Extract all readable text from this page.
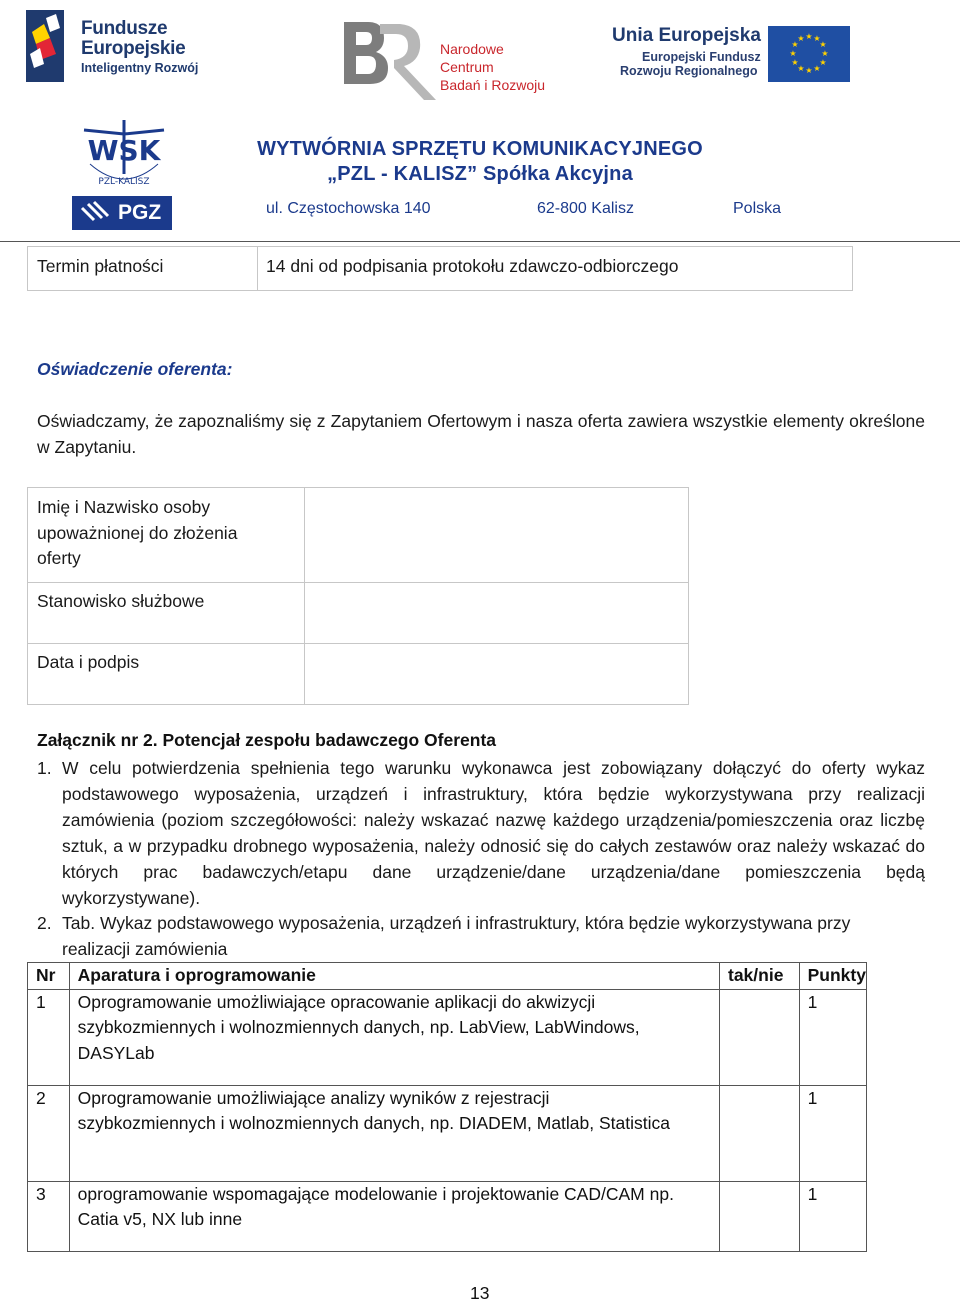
Fundusze
Europejskie
Inteligentny Rozwój
Narodowe Centrum
Badań i Rozwoju
Unia Europejska
Europejski Fundusz
Rozwoju Regionalnego
★ ★
★
★
★
★
★
★
★
★
★
★
WSK
PZL-KALISZ
PGZ
WYTWÓRNIA SPRZĘTU KOMUNIKACYJNEGO
„PZL - KALISZ” Spółka Akcyjna
ul. Częstochowska 140	62-800 Kalisz	Polska
Termin płatności	14 dni od podpisania protokołu zdawczo-odbiorczego
Oświadczenie oferenta:
Oświadczamy, że zapoznaliśmy się z Zapytaniem Ofertowym i nasza oferta zawiera wszystkie elementy określone w Zapytaniu.
Imię i Nazwisko osoby upoważnionej do złożenia oferty
Stanowisko służbowe
Data i podpis
Załącznik nr 2. Potencjał zespołu badawczego Oferenta
1. W celu potwierdzenia spełnienia tego warunku wykonawca jest zobowiązany dołączyć do oferty wykaz podstawowego wyposażenia, urządzeń i infrastruktury, która będzie wykorzystywana przy realizacji zamówienia (poziom szczegółowości: należy wskazać nazwę każdego urządzenia/pomieszczenia oraz liczbę sztuk, a w przypadku drobnego wyposażenia, należy odnosić się do całych zestawów oraz należy wskazać do których prac badawczych/etapu dane urządzenie/dane urządzenia/dane pomieszczenia będą wykorzystywane).
2. Tab. Wykaz podstawowego wyposażenia, urządzeń i infrastruktury, która będzie wykorzystywana przy realizacji zamówienia
Nr	Aparatura i oprogramowanie	tak/nie	Punkty
1	Oprogramowanie umożliwiające opracowanie aplikacji do akwizycji szybkozmiennych i wolnozmiennych danych, np. LabView, LabWindows, DASYLab		1
2	Oprogramowanie umożliwiające analizy wyników z rejestracji szybkozmiennych i wolnozmiennych danych, np. DIADEM, Matlab, Statistica		1
3	oprogramowanie wspomagające modelowanie i projektowanie CAD/CAM np. Catia v5, NX lub inne		1
13
